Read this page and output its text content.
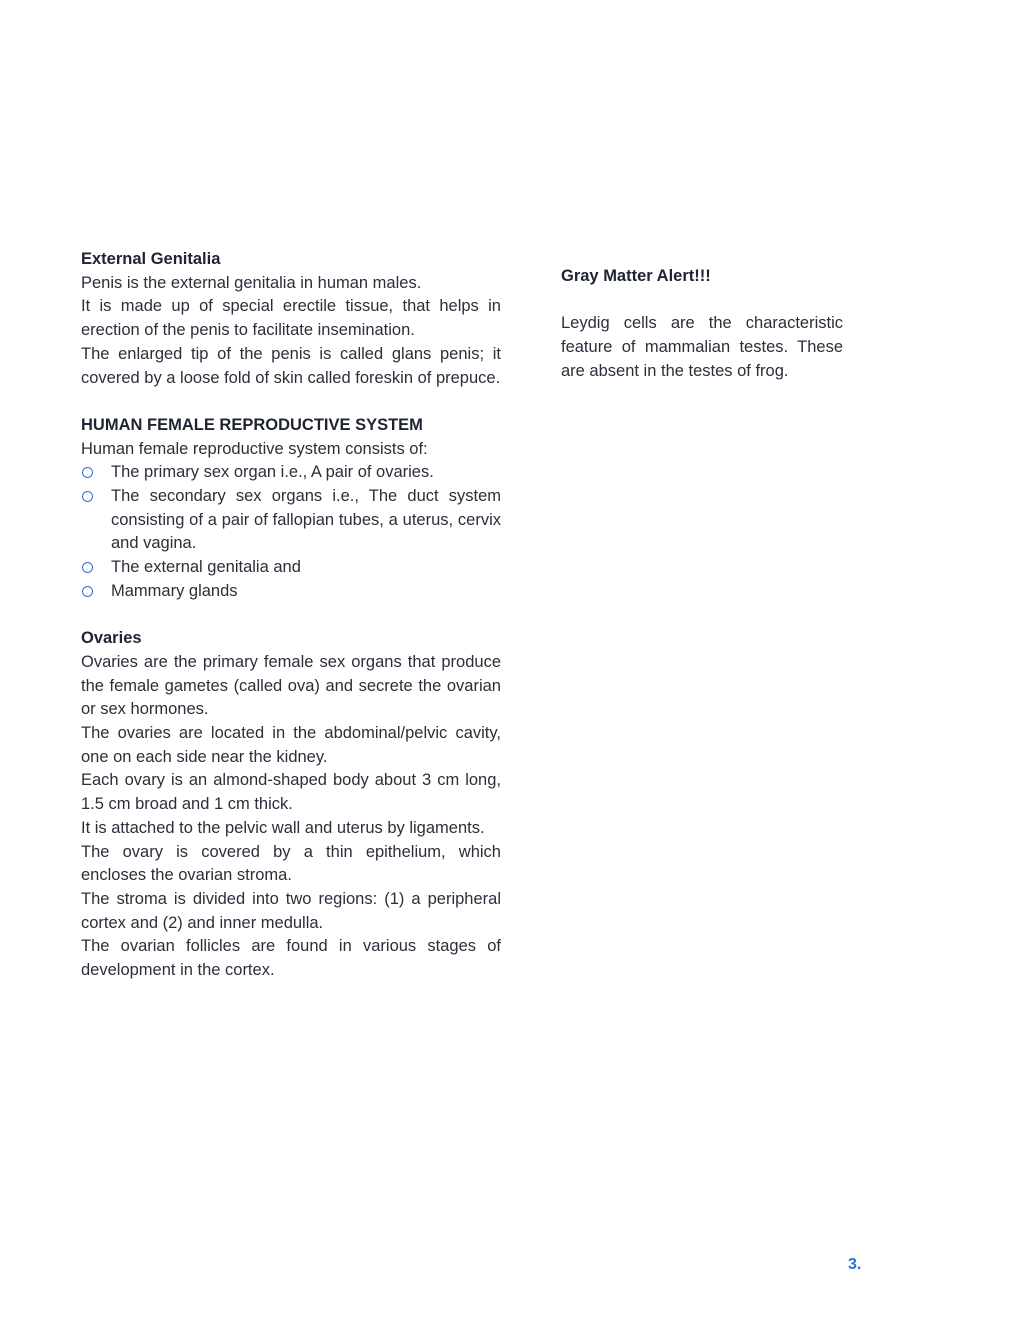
External Genitalia

Penis is the external genitalia in human males.

It is made up of special erectile tissue, that helps in erection of the penis to facilitate insemination.

The enlarged tip of the penis is called glans penis; it covered by a loose fold of skin called foreskin of prepuce.

HUMAN FEMALE REPRODUCTIVE SYSTEM

Human female reproductive system consists of:

The primary sex organ i.e., A pair of ovaries.
The secondary sex organs i.e., The duct system consisting of a pair of fallopian tubes, a uterus, cervix and vagina.
The external genitalia and
Mammary glands
Ovaries

Ovaries are the primary female sex organs that produce the female gametes (called ova) and secrete the ovarian or sex hormones.

The ovaries are located in the abdominal/pelvic cavity, one on each side near the kidney.

Each ovary is an almond-shaped body about 3 cm long, 1.5 cm broad and 1 cm thick.

It is attached to the pelvic wall and uterus by ligaments.

The ovary is covered by a thin epithelium, which encloses the ovarian stroma.

The stroma is divided into two regions: (1) a peripheral cortex and (2) and inner medulla.

The ovarian follicles are found in various stages of development in the cortex.

Gray Matter Alert!!!

Leydig cells are the characteristic feature of mammalian testes. These are absent in the testes of frog.

3.
